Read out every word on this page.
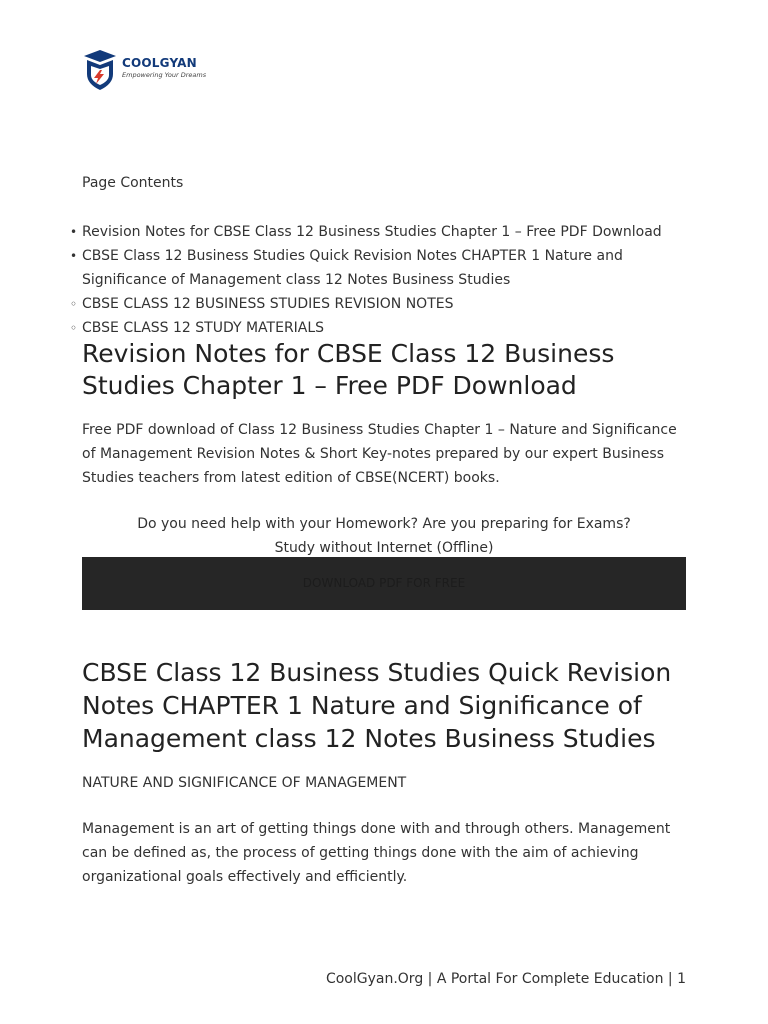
COOLGYAN
Empowering Your Dreams
Page Contents
• Revision Notes for CBSE Class 12 Business Studies Chapter 1 – Free PDF Download
• CBSE Class 12 Business Studies Quick Revision Notes CHAPTER 1 Nature and Significance of Management class 12 Notes Business Studies
◦ CBSE CLASS 12 BUSINESS STUDIES REVISION NOTES
◦ CBSE CLASS 12 STUDY MATERIALS
Revision Notes for CBSE Class 12 Business Studies Chapter 1 – Free PDF Download

Free PDF download of Class 12 Business Studies Chapter 1 – Nature and Significance of Management Revision Notes & Short Key-notes prepared by our expert Business Studies teachers from latest edition of CBSE(NCERT) books.

Do you need help with your Homework? Are you preparing for Exams?
Study without Internet (Offline)
DOWNLOAD PDF FOR FREE
CBSE Class 12 Business Studies Quick Revision Notes CHAPTER 1 Nature and Significance of Management class 12 Notes Business Studies

NATURE AND SIGNIFICANCE OF MANAGEMENT

Management is an art of getting things done with and through others. Management can be defined as, the process of getting things done with the aim of achieving organizational goals effectively and efficiently.

CoolGyan.Org | A Portal For Complete Education | 1
